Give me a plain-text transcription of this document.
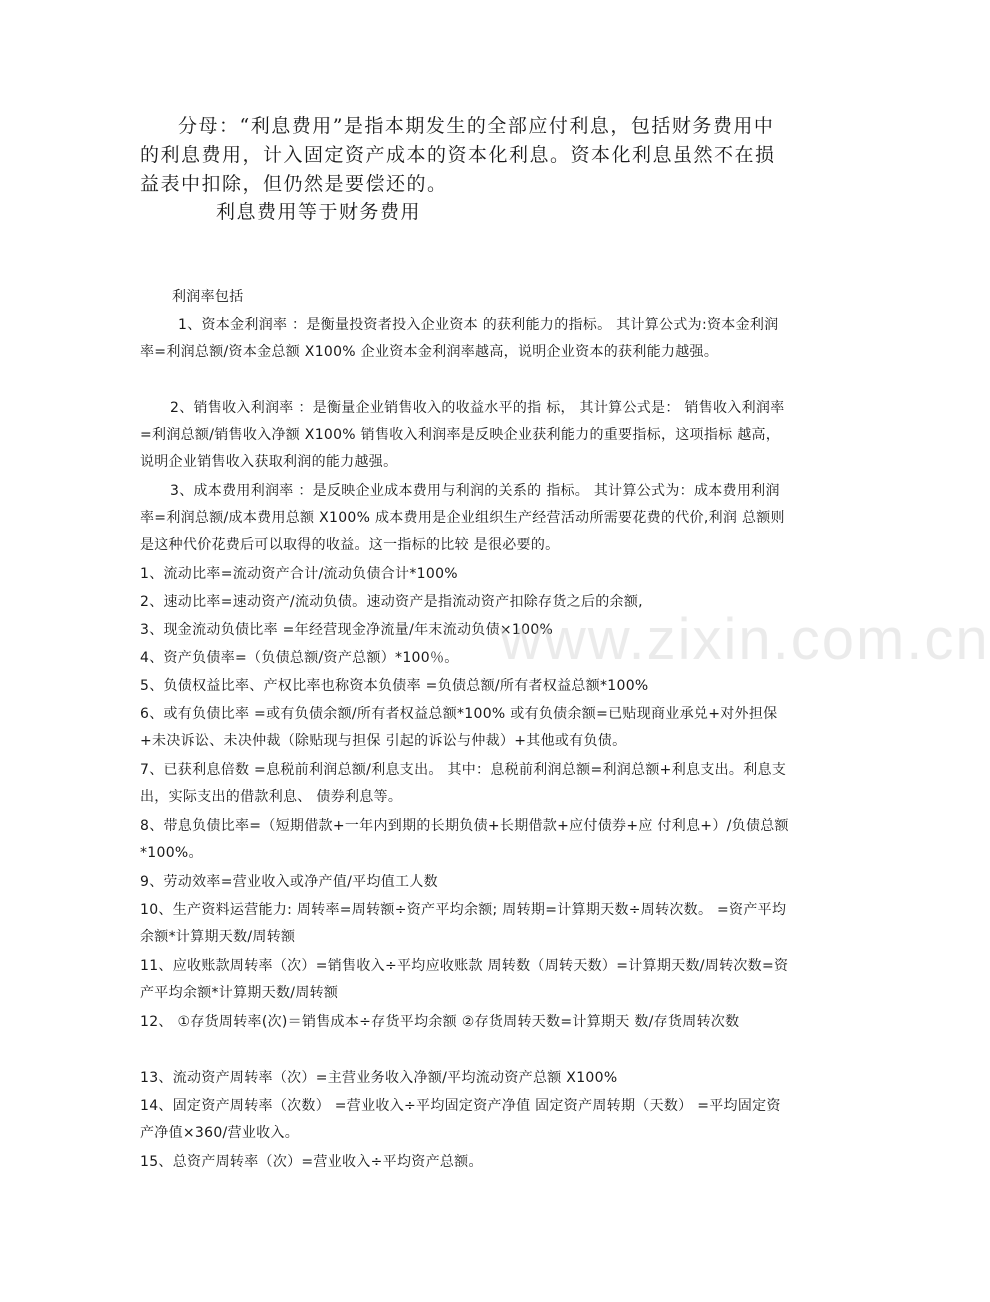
分母：“利息费用”是指本期发生的全部应付利息，包括财务费用中的利息费用，计入固定资产成本的资本化利息。资本化利息虽然不在损益表中扣除，但仍然是要偿还的。

利息费用等于财务费用

利润率包括

1、资本金利润率 ：是衡量投资者投入企业资本 的获利能力的指标。 其计算公式为:资本金利润率=利润总额/资本金总额 X100% 企业资本金利润率越高，说明企业资本的获利能力越强。

2、销售收入利润率 ：是衡量企业销售收入的收益水平的指 标， 其计算公式是： 销售收入利润率=利润总额/销售收入净额 X100% 销售收入利润率是反映企业获利能力的重要指标，这项指标 越高，说明企业销售收入获取利润的能力越强。

3、成本费用利润率 ：是反映企业成本费用与利润的关系的 指标。 其计算公式为：成本费用利润率=利润总额/成本费用总额 X100% 成本费用是企业组织生产经营活动所需要花费的代价,利润 总额则是这种代价花费后可以取得的收益。这一指标的比较 是很必要的。

1、流动比率=流动资产合计/流动负债合计*100%

2、速动比率=速动资产/流动负债。速动资产是指流动资产扣除存货之后的余额,

3、现金流动负债比率 =年经营现金净流量/年末流动负债×100%

4、资产负债率=（负债总额/资产总额）*100％。

5、负债权益比率、产权比率也称资本负债率 =负债总额/所有者权益总额*100%

6、或有负债比率 =或有负债余额/所有者权益总额*100% 或有负债余额=已贴现商业承兑+对外担保+未决诉讼、未决仲裁（除贴现与担保 引起的诉讼与仲裁）+其他或有负债。

7、已获利息倍数 =息税前利润总额/利息支出。 其中：息税前利润总额=利润总额+利息支出。利息支出，实际支出的借款利息、 债券利息等。

8、带息负债比率=（短期借款+一年内到期的长期负债+长期借款+应付债券+应 付利息+）/负债总额*100%。

9、劳动效率=营业收入或净产值/平均值工人数

10、生产资料运营能力: 周转率=周转额÷资产平均余额; 周转期=计算期天数÷周转次数。 =资产平均余额*计算期天数/周转额

11、应收账款周转率（次）=销售收入÷平均应收账款 周转数（周转天数）=计算期天数/周转次数=资产平均余额*计算期天数/周转额

12、 ①存货周转率(次)＝销售成本÷存货平均余额 ②存货周转天数=计算期天 数/存货周转次数

13、流动资产周转率（次）=主营业务收入净额/平均流动资产总额 X100%

14、固定资产周转率（次数） =营业收入÷平均固定资产净值 固定资产周转期（天数） =平均固定资产净值×360/营业收入。

15、总资产周转率（次）=营业收入÷平均资产总额。

www.zixin.com.cn
